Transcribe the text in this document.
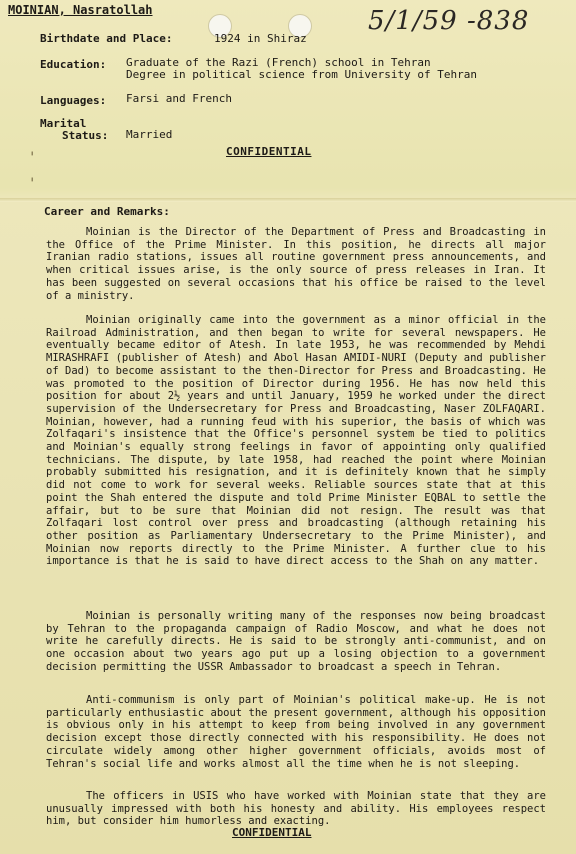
MOINIAN, Nasratollah	5/1/59 -838
Birthdate and Place:	1924 in Shiraz
Education: Graduate of the Razi (French) school in Tehran
Degree in political science from University of Tehran
Languages: Farsi and French
Marital
Status: Married
CONFIDENTIAL
'
'
Career and Remarks:
Moinian is the Director of the Department of Press and Broadcasting in the Office of the Prime Minister. In this position, he directs all major Iranian radio stations, issues all routine government press announcements, and when critical issues arise, is the only source of press releases in Iran. It has been suggested on several occasions that his office be raised to the level of a ministry.
Moinian originally came into the government as a minor official in the Railroad Administration, and then began to write for several newspapers. He eventually became editor of Atesh. In late 1953, he was recommended by Mehdi MIRASHRAFI (publisher of Atesh) and Abol Hasan AMIDI-NURI (Deputy and publisher of Dad) to become assistant to the then-Director for Press and Broadcasting. He was promoted to the position of Director during 1956. He has now held this position for about 2½ years and until January, 1959 he worked under the direct supervision of the Undersecretary for Press and Broadcasting, Naser ZOLFAQARI. Moinian, however, had a running feud with his superior, the basis of which was Zolfaqari's insistence that the Office's personnel system be tied to politics and Moinian's equally strong feelings in favor of appointing only qualified technicians. The dispute, by late 1958, had reached the point where Moinian probably submitted his resignation, and it is definitely known that he simply did not come to work for several weeks. Reliable sources state that at this point the Shah entered the dispute and told Prime Minister EQBAL to settle the affair, but to be sure that Moinian did not resign. The result was that Zolfaqari lost control over press and broadcasting (although retaining his other position as Parliamentary Undersecretary to the Prime Minister), and Moinian now reports directly to the Prime Minister. A further clue to his importance is that he is said to have direct access to the Shah on any matter.
Moinian is personally writing many of the responses now being broadcast by Tehran to the propaganda campaign of Radio Moscow, and what he does not write he carefully directs. He is said to be strongly anti-communist, and on one occasion about two years ago put up a losing objection to a government decision permitting the USSR Ambassador to broadcast a speech in Tehran.
Anti-communism is only part of Moinian's political make-up. He is not particularly enthusiastic about the present government, although his opposition is obvious only in his attempt to keep from being involved in any government decision except those directly connected with his responsibility. He does not circulate widely among other higher government officials, avoids most of Tehran's social life and works almost all the time when he is not sleeping.
The officers in USIS who have worked with Moinian state that they are unusually impressed with both his honesty and ability. His employees respect him, but consider him humorless and exacting.
CONFIDENTIAL
